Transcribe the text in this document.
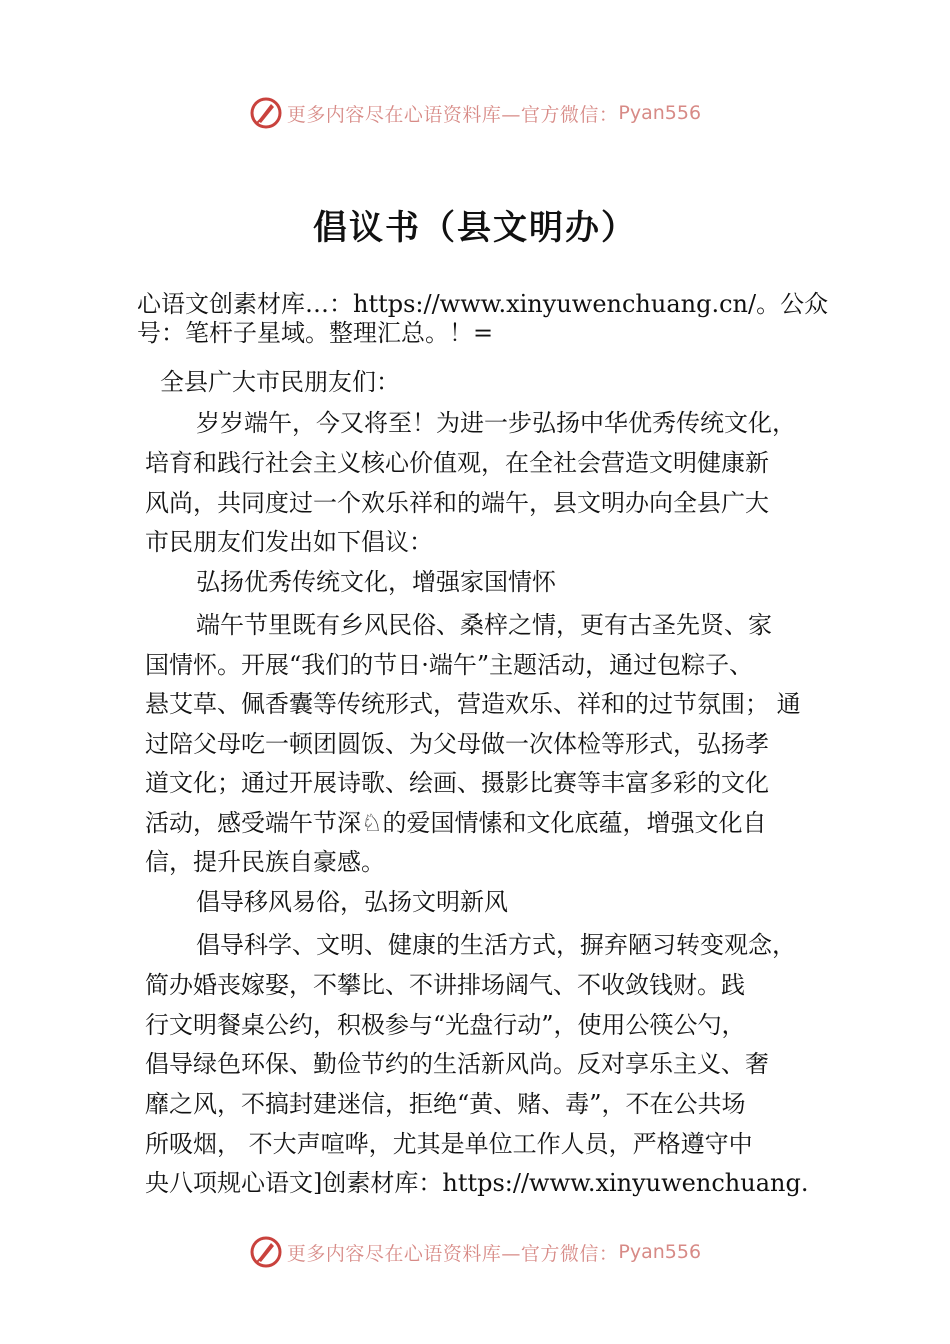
更多内容尽在心语资料库—官方微信： Pyan556
倡议书（县文明办）
心语文创素材库…：https://www.xinyuwenchuang.cn/。公众
号：笔杆子星域。整理汇总。！=
全县广大市民朋友们：
岁岁端午，今又将至！为进一步弘扬中华优秀传统文化，
培育和践行社会主义核心价值观，在全社会营造文明健康新
风尚，共同度过一个欢乐祥和的端午，县文明办向全县广大
市民朋友们发出如下倡议：
弘扬优秀传统文化，增强家国情怀
端午节里既有乡风民俗、桑梓之情，更有古圣先贤、家
国情怀。开展“我们的节日·端午”主题活动，通过包粽子、
悬艾草、佩香囊等传统形式，营造欢乐、祥和的过节氛围； 通
过陪父母吃一顿团圆饭、为父母做一次体检等形式，弘扬孝
道文化；通过开展诗歌、绘画、摄影比赛等丰富多彩的文化
活动，感受端午节深♘的爱国情愫和文化底蕴，增强文化自
信，提升民族自豪感。
倡导移风易俗，弘扬文明新风
倡导科学、文明、健康的生活方式，摒弃陋习转变观念，
简办婚丧嫁娶，不攀比、不讲排场阔气、不收敛钱财。践
行文明餐桌公约，积极参与“光盘行动”，使用公筷公勺，
倡导绿色环保、勤俭节约的生活新风尚。反对享乐主义、奢
靡之风，不搞封建迷信，拒绝“黄、赌、毒”，不在公共场
所吸烟， 不大声喧哗，尤其是单位工作人员，严格遵守中
央八项规心语文]创素材库：https://www.xinyuwenchuang.
更多内容尽在心语资料库—官方微信： Pyan556
